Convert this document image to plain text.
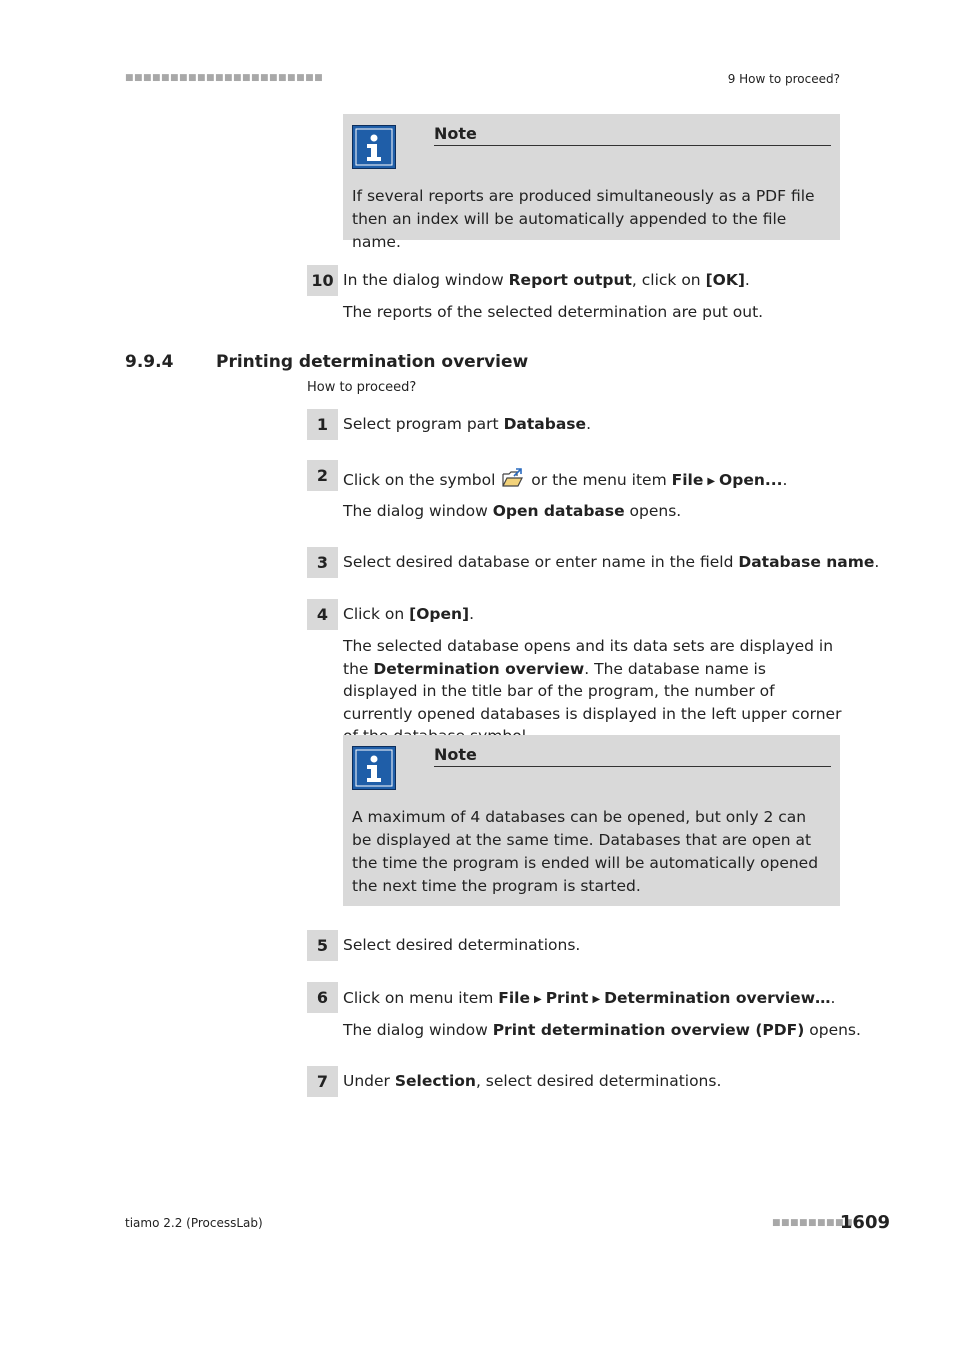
■■■■■■■■■■■■■■■■■■■■■■	9 How to proceed?
Note
If several reports are produced simultaneously as a PDF file then an index will be automatically appended to the file name.
10 In the dialog window Report output, click on [OK].
The reports of the selected determination are put out.
9.9.4	Printing determination overview
How to proceed?
1 Select program part Database.
2 Click on the symbol  or the menu item File ▶ Open....
The dialog window Open database opens.
3 Select desired database or enter name in the field Database name.
4 Click on [Open].
The selected database opens and its data sets are displayed in the Determination overview. The database name is displayed in the title bar of the program, the number of currently opened databases is displayed in the left upper corner
Note
A maximum of 4 databases can be opened, but only 2 can be displayed at the same time. Databases that are open at the time the program is ended will be automatically opened the next time the program is started.
5 Select desired determinations.
6 Click on menu item File ▶ Print ▶ Determination overview….
The dialog window Print determination overview (PDF) opens.
7 Under Selection, select desired determinations.
tiamo 2.2 (ProcessLab)	■■■■■■■■■
1609
